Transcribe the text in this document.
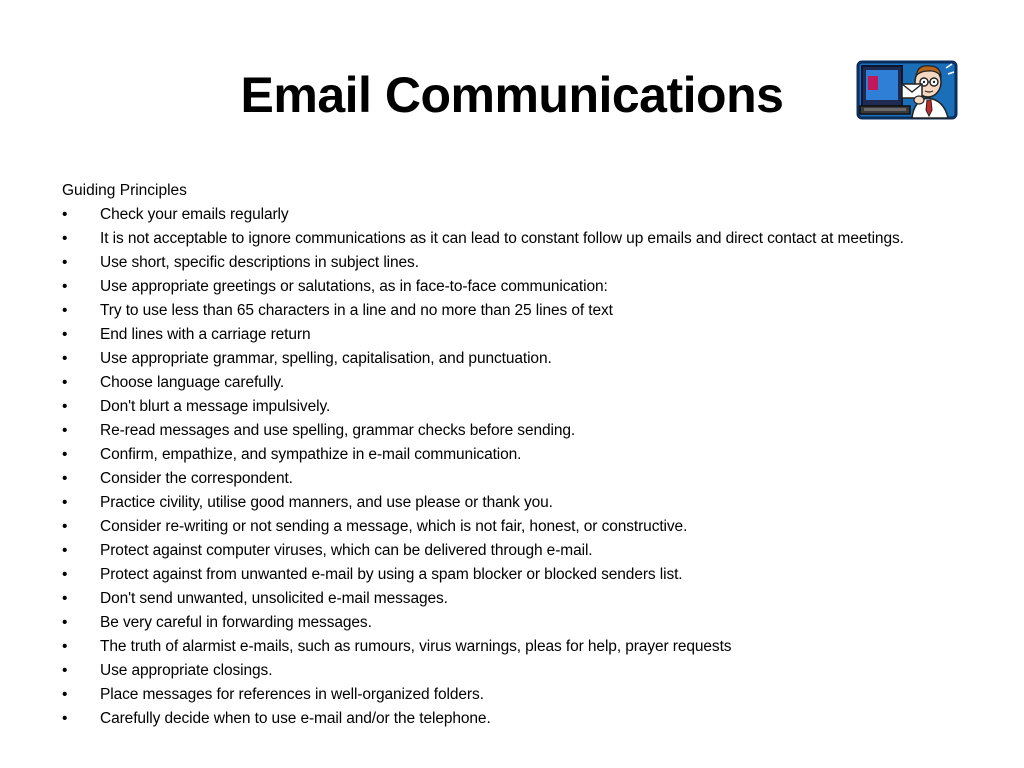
Email Communications

Guiding Principles

•	Check your emails regularly
•	It is not acceptable to ignore communications as it can lead to constant follow up emails and direct contact at meetings.
•	Use short, specific descriptions in subject lines.
•	Use appropriate greetings or salutations, as in face-to-face communication:
•	Try to use less than 65 characters in a line and no more than 25 lines of text
•	End lines with a carriage return
•	Use appropriate grammar, spelling, capitalisation, and punctuation.
•	Choose language carefully.
•	Don't blurt a message impulsively.
•	Re-read messages and use spelling, grammar checks before sending.
•	Confirm, empathize, and sympathize in e-mail communication.
•	Consider the correspondent.
•	Practice civility, utilise good manners, and use please or thank you.
•	Consider re-writing or not sending a message, which is not fair, honest, or constructive.
•	Protect against computer viruses, which can be delivered through e-mail.
•	Protect against from unwanted e-mail by using a spam blocker or blocked senders list.
•	Don't send unwanted, unsolicited e-mail messages.
•	Be very careful in forwarding messages.
•	The truth of alarmist e-mails, such as rumours, virus warnings, pleas for help, prayer requests
•	Use appropriate closings.
•	Place messages for references in well-organized folders.
•	Carefully decide when to use e-mail and/or the telephone.
